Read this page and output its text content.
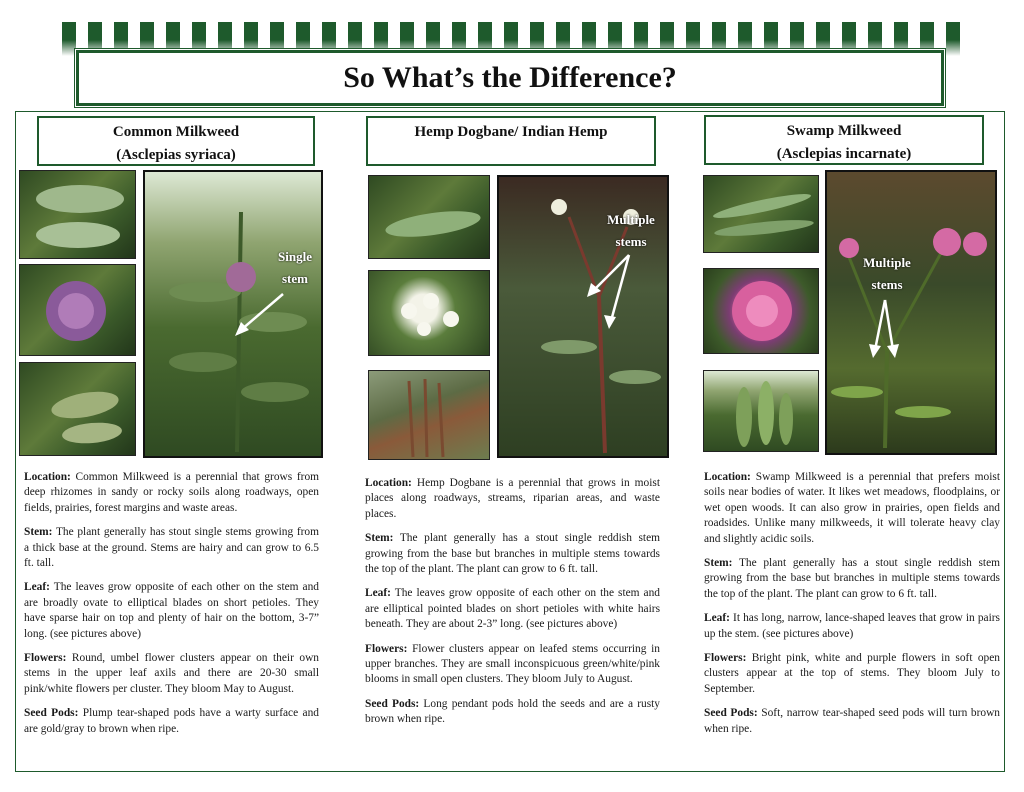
So What’s the Difference?
Common Milkweed
(Asclepias syriaca)
Single
stem

Location: Common Milkweed is a perennial that grows from deep rhizomes in sandy or rocky soils along roadways, open fields, prairies, forest margins and waste areas.

Stem: The plant generally has stout single stems growing from a thick base at the ground. Stems are hairy and can grow to 6.5 ft. tall.

Leaf: The leaves grow opposite of each other on the stem and are broadly ovate to elliptical blades on short petioles. They have sparse hair on top and plenty of hair on the bottom, 3-7” long. (see pictures above)

Flowers: Round, umbel flower clusters appear on their own stems in the upper leaf axils and there are 20-30 small pink/white flowers per cluster. They bloom May to August.

Seed Pods: Plump tear-shaped pods have a warty surface and are gold/gray to brown when ripe.

Hemp Dogbane/ Indian Hemp
Multiple
stems

Location: Hemp Dogbane is a perennial that grows in moist places along roadways, streams, riparian areas, and waste places.

Stem: The plant generally has a stout single reddish stem growing from the base but branches in multiple stems towards the top of the plant. The plant can grow to 6 ft. tall.

Leaf: The leaves grow opposite of each other on the stem and are elliptical pointed blades on short petioles with white hairs beneath. They are about 2-3” long. (see pictures above)

Flowers: Flower clusters appear on leafed stems occurring in upper branches. They are small inconspicuous green/white/pink blooms in small open clusters. They bloom July to August.

Seed Pods: Long pendant pods hold the seeds and are a rusty brown when ripe.

Swamp Milkweed
(Asclepias incarnate)
Multiple
stems

Location: Swamp Milkweed is a perennial that prefers moist soils near bodies of water. It likes wet meadows, floodplains, or wet open woods. It can also grow in prairies, open fields and roadsides. Unlike many milkweeds, it will tolerate heavy clay and slightly acidic soils.

Stem: The plant generally has a stout single reddish stem growing from the base but branches in multiple stems towards the top of the plant. The plant can grow to 6 ft. tall.

Leaf: It has long, narrow, lance-shaped leaves that grow in pairs up the stem. (see pictures above)

Flowers: Bright pink, white and purple flowers in soft open clusters appear at the top of stems. They bloom July to September.

Seed Pods: Soft, narrow tear-shaped seed pods will turn brown when ripe.
